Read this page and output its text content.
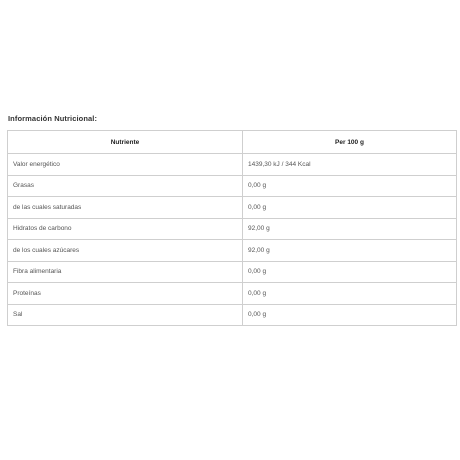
Información Nutricional:
Nutriente	Per 100 g
Valor energético	1439,30 kJ / 344 Kcal
Grasas	0,00 g
de las cuales saturadas	0,00 g
Hidratos de carbono	92,00 g
de los cuales azúcares	92,00 g
Fibra alimentaria	0,00 g
Proteínas	0,00 g
Sal	0,00 g
